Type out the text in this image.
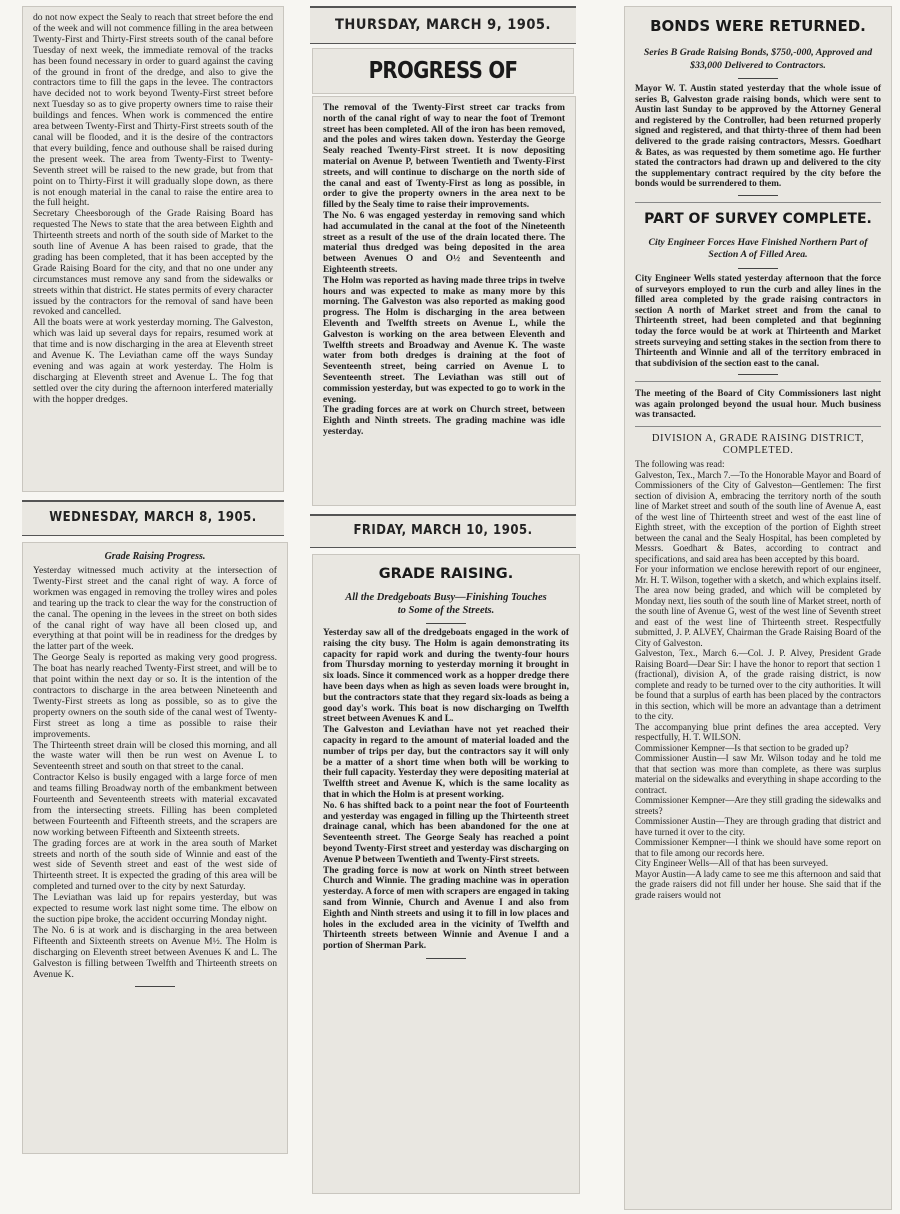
do not now expect the Sealy to reach that street before the end of the week and will not commence filling in the area between Twenty-First and Thirty-First streets south of the canal before Tuesday of next week, the immediate removal of the tracks has been found necessary in order to guard against the caving of the ground in front of the dredge, and also to give the contractors time to fill the gaps in the levee. The contractors have decided not to work beyond Twenty-First street before next Tuesday so as to give property owners time to raise their buildings and fences. When work is commenced the entire area between Twenty-First and Thirty-First streets south of the canal will be flooded, and it is the desire of the contractors that every building, fence and outhouse shall be raised during the present week. The area from Twenty-First to Twenty-Seventh street will be raised to the new grade, but from that point on to Thirty-First it will gradually slope down, as there is not enough material in the canal to raise the entire area to the full height.
Secretary Cheesborough of the Grade Raising Board has requested The News to state that the area between Eighth and Thirteenth streets and north of the south side of Market to the south line of Avenue A has been raised to grade, that the grading has been completed, that it has been accepted by the Grade Raising Board for the city, and that no one under any circumstances must remove any sand from the sidewalks or streets within that district. He states permits of every character issued by the contractors for the removal of sand have been revoked and cancelled.
All the boats were at work yesterday morning. The Galveston, which was laid up several days for repairs, resumed work at that time and is now discharging in the area at Eleventh street and Avenue K. The Leviathan came off the ways Sunday evening and was again at work yesterday. The Holm is discharging at Eleventh street and Avenue L. The fog that settled over the city during the afternoon interfered materially with the hopper dredges.

WEDNESDAY, MARCH 8, 1905.

Grade Raising Progress.

Yesterday witnessed much activity at the intersection of Twenty-First street and the canal right of way. A force of workmen was engaged in removing the trolley wires and poles and tearing up the track to clear the way for the construction of the canal. The opening in the levees in the street on both sides of the canal right of way have all been closed up, and everything at that point will be in readiness for the dredges by the latter part of the week.
The George Sealy is reported as making very good progress. The boat has nearly reached Twenty-First street, and will be to that point within the next day or so. It is the intention of the contractors to discharge in the area between Nineteenth and Twenty-First streets as long as possible, so as to give the property owners on the south side of the canal west of Twenty-First street as long a time as possible to raise their improvements.
The Thirteenth street drain will be closed this morning, and all the waste water will then be run west on Avenue L to Seventeenth street and south on that street to the canal.
Contractor Kelso is busily engaged with a large force of men and teams filling Broadway north of the embankment between Fourteenth and Seventeenth streets with material excavated from the intersecting streets. Filling has been completed between Fourteenth and Fifteenth streets, and the scrapers are now working between Fifteenth and Sixteenth streets.
The grading forces are at work in the area south of Market streets and north of the south side of Winnie and east of the west side of Seventh street and east of the west side of Thirteenth street. It is expected the grading of this area will be completed and turned over to the city by next Saturday.
The Leviathan was laid up for repairs yesterday, but was expected to resume work last night some time. The elbow on the suction pipe broke, the accident occurring Monday night.
The No. 6 is at work and is discharging in the area between Fifteenth and Sixteenth streets on Avenue M½. The Holm is discharging on Eleventh street between Avenues K and L. The Galveston is filling between Twelfth and Thirteenth streets on Avenue K.

THURSDAY, MARCH 9, 1905.

PROGRESS OF

The removal of the Twenty-First street car tracks from north of the canal right of way to near the foot of Tremont street has been completed. All of the iron has been removed, and the poles and wires taken down. Yesterday the George Sealy reached Twenty-First street. It is now depositing material on Avenue P, between Twentieth and Twenty-First streets, and will continue to discharge on the north side of the canal and east of Twenty-First as long as possible, in order to give the property owners in the area next to be filled by the Sealy time to raise their improvements.
The No. 6 was engaged yesterday in removing sand which had accumulated in the canal at the foot of the Nineteenth street as a result of the use of the drain located there. The material thus dredged was being deposited in the area between Avenues O and O½ and Seventeenth and Eighteenth streets.
The Holm was reported as having made three trips in twelve hours and was expected to make as many more by this morning. The Galveston was also reported as making good progress. The Holm is discharging in the area between Eleventh and Twelfth streets on Avenue L, while the Galveston is working on the area between Eleventh and Twelfth streets and Broadway and Avenue K. The waste water from both dredges is draining at the foot of Seventeenth street, being carried on Avenue L to Seventeenth street. The Leviathan was still out of commission yesterday, but was expected to go to work in the evening.
The grading forces are at work on Church street, between Eighth and Ninth streets. The grading machine was idle yesterday.

FRIDAY, MARCH 10, 1905.

GRADE RAISING.

All the Dredgeboats Busy—Finishing Touches to Some of the Streets.

Yesterday saw all of the dredgeboats engaged in the work of raising the city busy. The Holm is again demonstrating its capacity for rapid work and during the twenty-four hours from Thursday morning to yesterday morning it brought in six loads. Since it commenced work as a hopper dredge there have been days when as high as seven loads were brought in, but the contractors state that they regard six-loads as being a good day's work. This boat is now discharging on Twelfth street between Avenues K and L.
The Galveston and Leviathan have not yet reached their capacity in regard to the amount of material loaded and the number of trips per day, but the contractors say it will only be a matter of a short time when both will be working to their full capacity. Yesterday they were depositing material at Twelfth street and Avenue K, which is the same locality as that in which the Holm is at present working.
No. 6 has shifted back to a point near the foot of Fourteenth and yesterday was engaged in filling up the Thirteenth street drainage canal, which has been abandoned for the one at Seventeenth street. The George Sealy has reached a point beyond Twenty-First street and yesterday was discharging on Avenue P between Twentieth and Twenty-First streets.
The grading force is now at work on Ninth street between Church and Winnie. The grading machine was in operation yesterday. A force of men with scrapers are engaged in taking sand from Winnie, Church and Avenue I and also from Eighth and Ninth streets and using it to fill in low places and holes in the excluded area in the vicinity of Twelfth and Thirteenth streets between Winnie and Avenue I and a portion of Sherman Park.

BONDS WERE RETURNED.

Series B Grade Raising Bonds, $750,-000, Approved and $33,000 Delivered to Contractors.

Mayor W. T. Austin stated yesterday that the whole issue of series B, Galveston grade raising bonds, which were sent to Austin last Sunday to be approved by the Attorney General and registered by the Controller, had been returned properly signed and registered, and that thirty-three of them had been delivered to the grade raising contractors, Messrs. Goedhart & Bates, as was requested by them sometime ago. He further stated the contractors had drawn up and delivered to the city the supplementary contract required by the city before the bonds would be surrendered to them.

PART OF SURVEY COMPLETE.

City Engineer Forces Have Finished Northern Part of Section A of Filled Area.

City Engineer Wells stated yesterday afternoon that the force of surveyors employed to run the curb and alley lines in the filled area completed by the grade raising contractors in section A north of Market street and from the canal to Thirteenth street, had been completed and that beginning today the force would be at work at Thirteenth and Market streets surveying and setting stakes in the section from there to Thirteenth and Winnie and all of the territory embraced in that subdivision of the section east to the canal.

The meeting of the Board of City Commissioners last night was again prolonged beyond the usual hour. Much business was transacted.

DIVISION A, GRADE RAISING DISTRICT, COMPLETED.

The following was read:
Galveston, Tex., March 7.—To the Honorable Mayor and Board of Commissioners of the City of Galveston—Gentlemen: The first section of division A, embracing the territory north of the south line of Market street and south of the south line of Avenue A, east of the west line of Thirteenth street and west of the east line of Eighth street, with the exception of the portion of Eighth street between the canal and the Sealy Hospital, has been completed by Messrs. Goedhart & Bates, according to contract and specifications, and said area has been accepted by this board.
For your information we enclose herewith report of our engineer, Mr. H. T. Wilson, together with a sketch, and which explains itself.
The area now being graded, and which will be completed by Monday next, lies south of the south line of Market street, north of the south line of Avenue G, west of the west line of Seventh street and east of the west line of Thirteenth street. Respectfully submitted, J. P. ALVEY, Chairman the Grade Raising Board of the City of Galveston.
Galveston, Tex., March 6.—Col. J. P. Alvey, President Grade Raising Board—Dear Sir: I have the honor to report that section 1 (fractional), division A, of the grade raising district, is now complete and ready to be turned over to the city authorities. It will be found that a surplus of earth has been placed by the contractors in this section, which will be more an advantage than a detriment to the city.
The accompanying blue print defines the area accepted. Very respectfully, H. T. WILSON.
Commissioner Kempner—Is that section to be graded up?
Commissioner Austin—I saw Mr. Wilson today and he told me that that section was more than complete, as there was surplus material on the sidewalks and everything in shape according to the contract.
Commissioner Kempner—Are they still grading the sidewalks and streets?
Commissioner Austin—They are through grading that district and have turned it over to the city.
Commissioner Kempner—I think we should have some report on that to file among our records here.
City Engineer Wells—All of that has been surveyed.
Mayor Austin—A lady came to see me this afternoon and said that the grade raisers did not fill under her house. She said that if the grade raisers would not
